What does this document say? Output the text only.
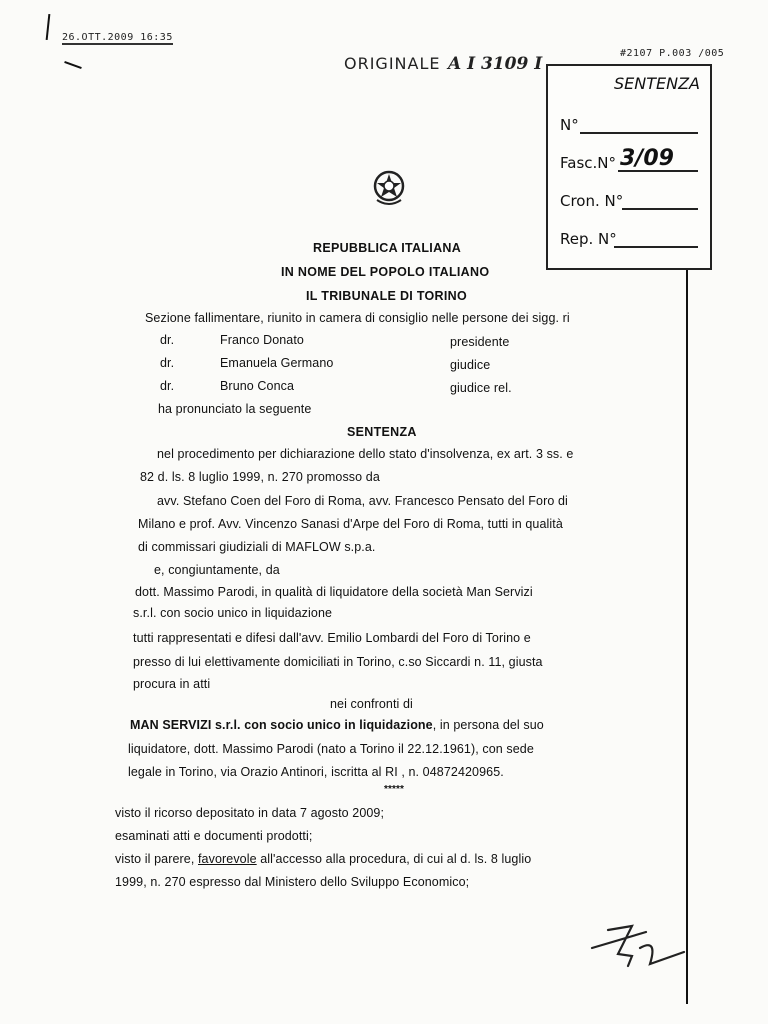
26.OTT.2009 16:35
#2107 P.003 /005
ORIGINALE A I 3109 I
SENTENZA
N°
Fasc.N° 3/09
Cron. N°
Rep. N°
REPUBBLICA ITALIANA
IN NOME DEL POPOLO ITALIANO
IL TRIBUNALE DI TORINO
Sezione fallimentare, riunito in camera di consiglio nelle persone dei sigg. ri
dr.	Franco Donato	presidente
dr.	Emanuela Germano	giudice
dr.	Bruno Conca	giudice rel.
ha pronunciato la seguente
SENTENZA
nel procedimento per dichiarazione dello stato d'insolvenza, ex art. 3 ss. e
82 d. ls. 8 luglio 1999, n. 270 promosso da
avv. Stefano Coen del Foro di Roma, avv. Francesco Pensato del Foro di
Milano e prof. Avv. Vincenzo Sanasi d'Arpe del Foro di Roma, tutti in qualità
di commissari giudiziali di MAFLOW s.p.a.
e, congiuntamente, da
dott. Massimo Parodi, in qualità di liquidatore della società Man Servizi
s.r.l. con socio unico in liquidazione
tutti rappresentati e difesi dall'avv. Emilio Lombardi del Foro di Torino e
presso di lui elettivamente domiciliati in Torino, c.so Siccardi n. 11, giusta
procura in atti
nei confronti di
MAN SERVIZI s.r.l. con socio unico in liquidazione, in persona del suo
liquidatore, dott. Massimo Parodi (nato a Torino il 22.12.1961), con sede
legale in Torino, via Orazio Antinori, iscritta al RI , n. 04872420965.
*****
visto il ricorso depositato in data 7 agosto 2009;
esaminati atti e documenti prodotti;
visto il parere, favorevole all'accesso alla procedura, di cui al d. ls. 8 luglio
1999, n. 270 espresso dal Ministero dello Sviluppo Economico;
